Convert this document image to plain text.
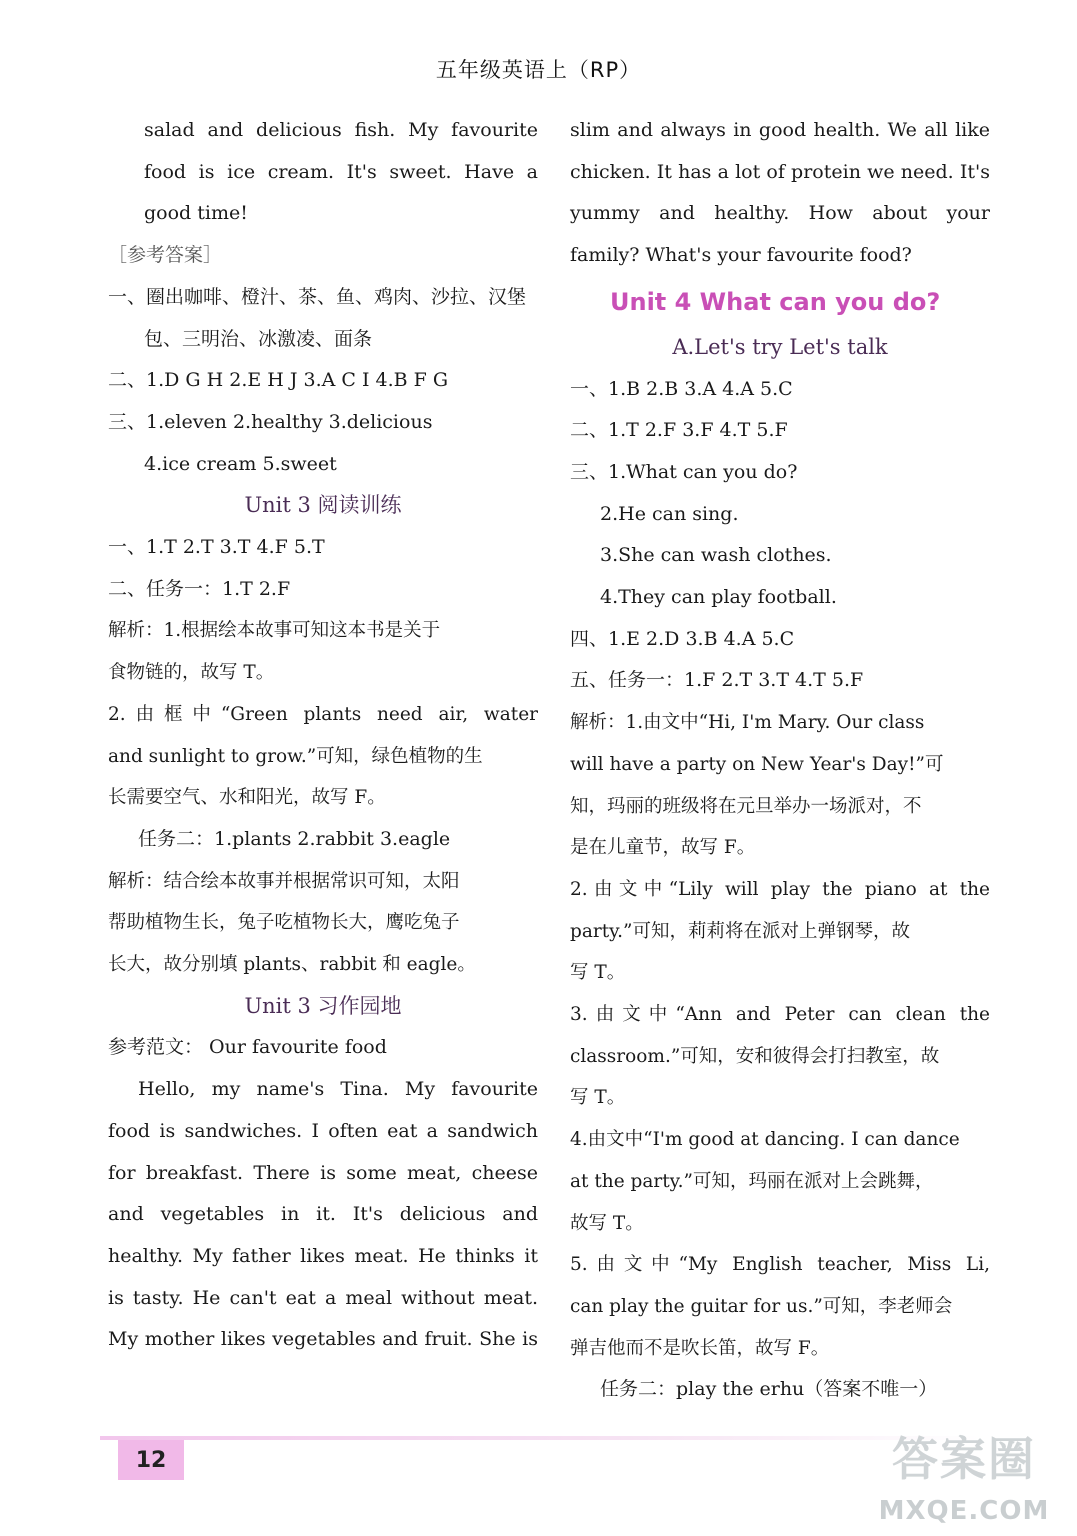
五年级英语上（RP）

salad and delicious fish. My favourite

food is ice cream. It's sweet. Have a

good time!

［参考答案］

一、圈出咖啡、橙汁、茶、鱼、鸡肉、沙拉、汉堡

包、三明治、冰激凌、面条

二、1.D G H 2.E H J 3.A C I 4.B F G

三、1.eleven 2.healthy 3.delicious

4.ice cream 5.sweet

Unit 3 阅读训练

一、1.T 2.T 3.T 4.F 5.T

二、任务一：1.T 2.F

解析：1.根据绘本故事可知这本书是关于

食物链的，故写 T。

2.由框中“Green plants need air, water

and sunlight to grow.”可知，绿色植物的生

长需要空气、水和阳光，故写 F。

任务二：1.plants 2.rabbit 3.eagle

解析：结合绘本故事并根据常识可知，太阳

帮助植物生长，兔子吃植物长大，鹰吃兔子

长大，故分别填 plants、rabbit 和 eagle。

Unit 3 习作园地

参考范文： Our favourite food

Hello, my name's Tina. My favourite

food is sandwiches. I often eat a sandwich

for breakfast. There is some meat, cheese

and vegetables in it. It's delicious and

healthy. My father likes meat. He thinks it

is tasty. He can't eat a meal without meat.

My mother likes vegetables and fruit. She is

slim and always in good health. We all like

chicken. It has a lot of protein we need. It's

yummy and healthy. How about your

family? What's your favourite food?

Unit 4 What can you do?

A.Let's try Let's talk

一、1.B 2.B 3.A 4.A 5.C

二、1.T 2.F 3.F 4.T 5.F

三、1.What can you do?

2.He can sing.

3.She can wash clothes.

4.They can play football.

四、1.E 2.D 3.B 4.A 5.C

五、任务一：1.F 2.T 3.T 4.T 5.F

解析：1.由文中“Hi, I'm Mary. Our class

will have a party on New Year's Day!”可

知，玛丽的班级将在元旦举办一场派对，不

是在儿童节，故写 F。

2.由文中“Lily will play the piano at the

party.”可知，莉莉将在派对上弹钢琴，故

写 T。

3.由文中“Ann and Peter can clean the

classroom.”可知，安和彼得会打扫教室，故

写 T。

4.由文中“I'm good at dancing. I can dance

at the party.”可知，玛丽在派对上会跳舞，

故写 T。

5.由文中“My English teacher, Miss Li,

can play the guitar for us.”可知，李老师会

弹吉他而不是吹长笛，故写 F。

任务二：play the erhu（答案不唯一）

12	答案圈
MXQE.COM
